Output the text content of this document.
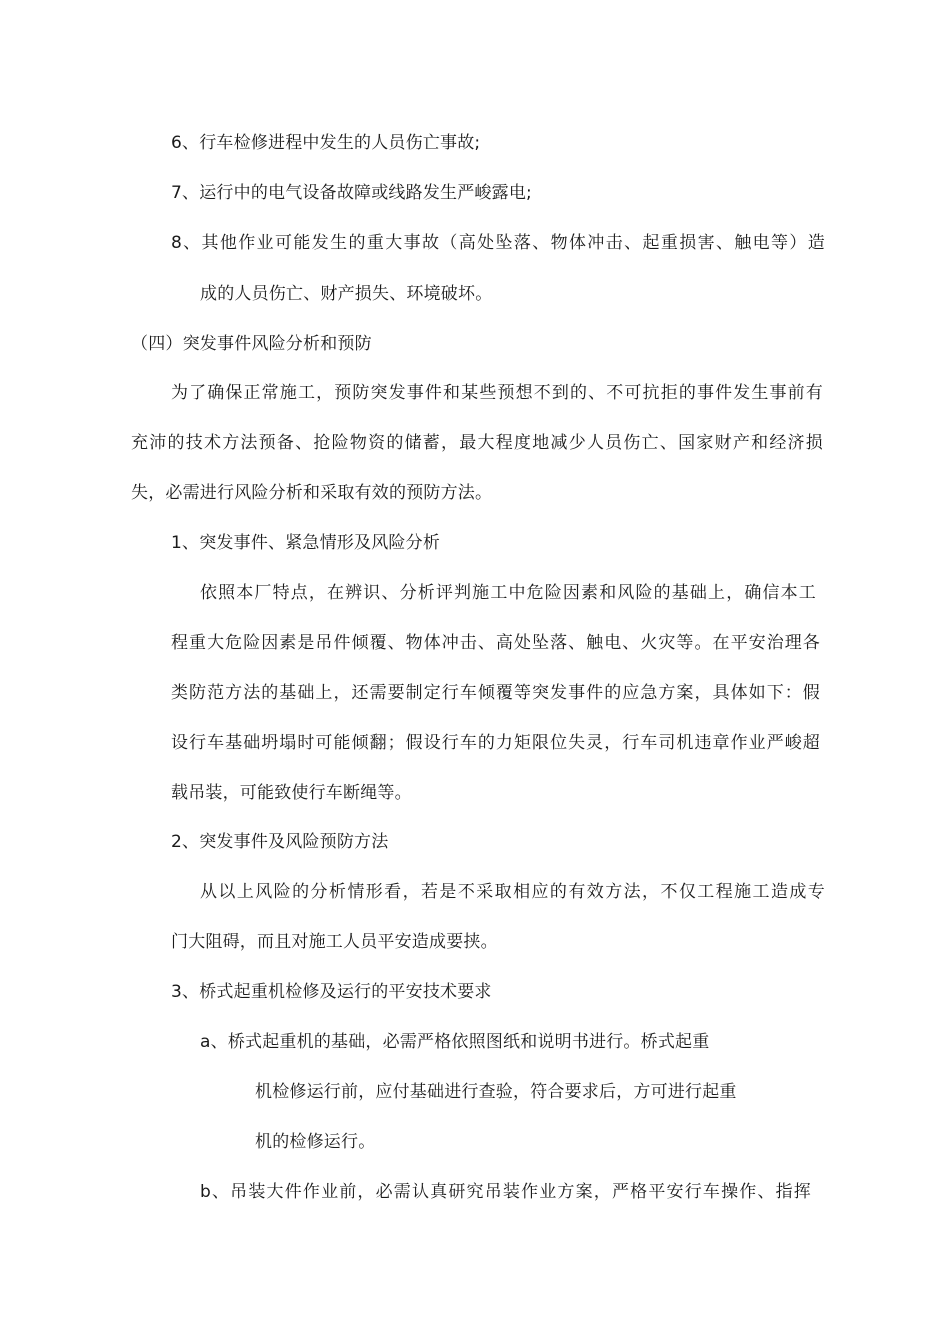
6、行车检修进程中发生的人员伤亡事故;
7、运行中的电气设备故障或线路发生严峻露电;
8、其他作业可能发生的重大事故（高处坠落、物体冲击、起重损害、触电等）造
成的人员伤亡、财产损失、环境破坏。
（四）突发事件风险分析和预防
为了确保正常施工，预防突发事件和某些预想不到的、不可抗拒的事件发生事前有
充沛的技术方法预备、抢险物资的储蓄，最大程度地减少人员伤亡、国家财产和经济损
失，必需进行风险分析和采取有效的预防方法。
1、突发事件、紧急情形及风险分析
依照本厂特点，在辨识、分析评判施工中危险因素和风险的基础上，确信本工
程重大危险因素是吊件倾覆、物体冲击、高处坠落、触电、火灾等。在平安治理各
类防范方法的基础上，还需要制定行车倾覆等突发事件的应急方案，具体如下：假
设行车基础坍塌时可能倾翻；假设行车的力矩限位失灵，行车司机违章作业严峻超
载吊装，可能致使行车断绳等。
2、突发事件及风险预防方法
从以上风险的分析情形看，若是不采取相应的有效方法，不仅工程施工造成专
门大阻碍，而且对施工人员平安造成要挟。
3、桥式起重机检修及运行的平安技术要求
a、桥式起重机的基础，必需严格依照图纸和说明书进行。桥式起重
机检修运行前，应付基础进行查验，符合要求后，方可进行起重
机的检修运行。
b、吊装大件作业前，必需认真研究吊装作业方案，严格平安行车操作、指挥
